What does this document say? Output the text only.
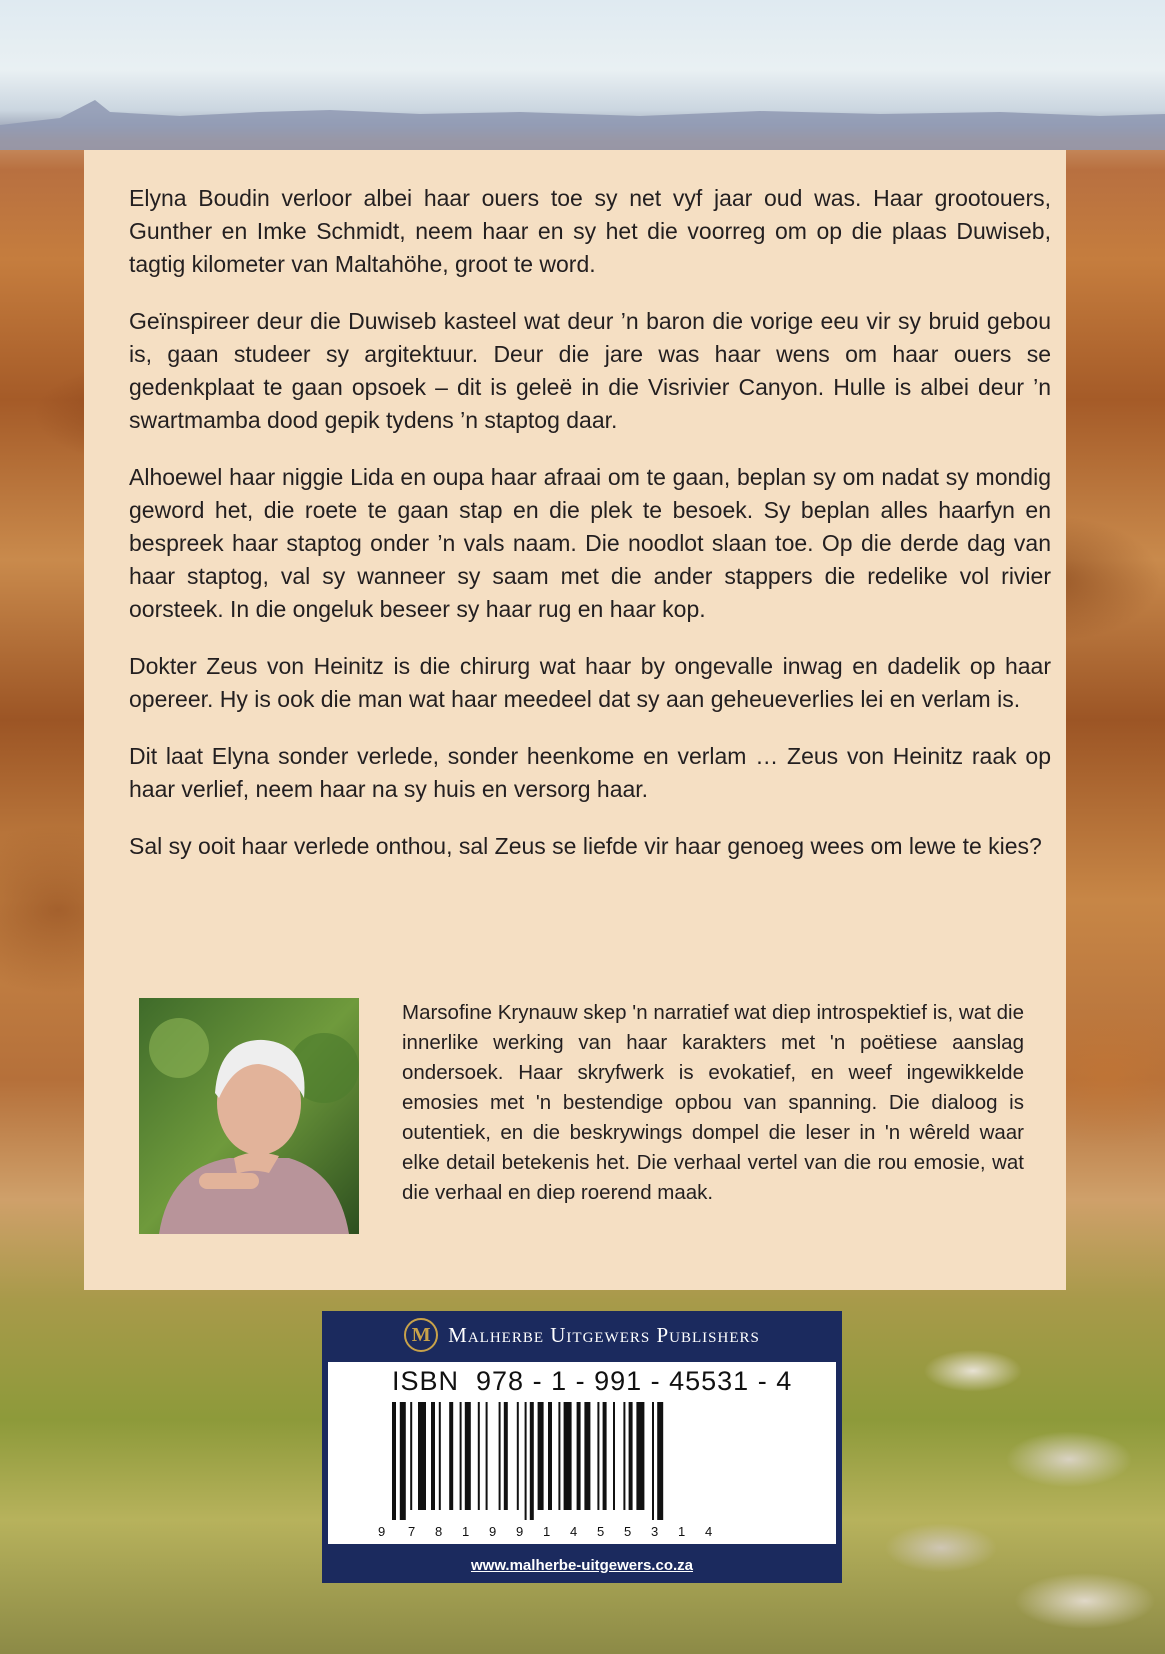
Elyna Boudin verloor albei haar ouers toe sy net vyf jaar oud was. Haar grootouers, Gunther en Imke Schmidt, neem haar en sy het die voorreg om op die plaas Duwiseb, tagtig kilometer van Maltahöhe, groot te word.

Geïnspireer deur die Duwiseb kasteel wat deur ’n baron die vorige eeu vir sy bruid gebou is, gaan studeer sy argitektuur. Deur die jare was haar wens om haar ouers se gedenkplaat te gaan opsoek – dit is geleë in die Visrivier Canyon. Hulle is albei deur ’n swartmamba dood gepik tydens ’n staptog daar.

Alhoewel haar niggie Lida en oupa haar afraai om te gaan, beplan sy om nadat sy mondig geword het, die roete te gaan stap en die plek te besoek. Sy beplan alles haarfyn en bespreek haar staptog onder ’n vals naam. Die noodlot slaan toe. Op die derde dag van haar staptog, val sy wanneer sy saam met die ander stappers die redelike vol rivier oorsteek. In die ongeluk beseer sy haar rug en haar kop.

Dokter Zeus von Heinitz is die chirurg wat haar by ongevalle inwag en dadelik op haar opereer. Hy is ook die man wat haar meedeel dat sy aan geheueverlies lei en verlam is.

Dit laat Elyna sonder verlede, sonder heenkome en verlam … Zeus von Heinitz raak op haar verlief, neem haar na sy huis en versorg haar.

Sal sy ooit haar verlede onthou, sal Zeus se liefde vir haar genoeg wees om lewe te kies?

Marsofine Krynauw skep 'n narratief wat diep introspektief is, wat die innerlike werking van haar karakters met 'n poëtiese aanslag ondersoek. Haar skryfwerk is evokatief, en weef ingewikkelde emosies met 'n bestendige opbou van spanning. Die dialoog is outentiek, en die beskrywings dompel die leser in 'n wêreld waar elke detail betekenis het. Die verhaal vertel van die rou emosie, wat die verhaal en diep roerend maak.
M Malherbe Uitgewers Publishers
ISBN  978 - 1 - 991 - 45531 - 4
9 7 8 1 9 9 1 4 5 5 3 1 4
www.malherbe-uitgewers.co.za
